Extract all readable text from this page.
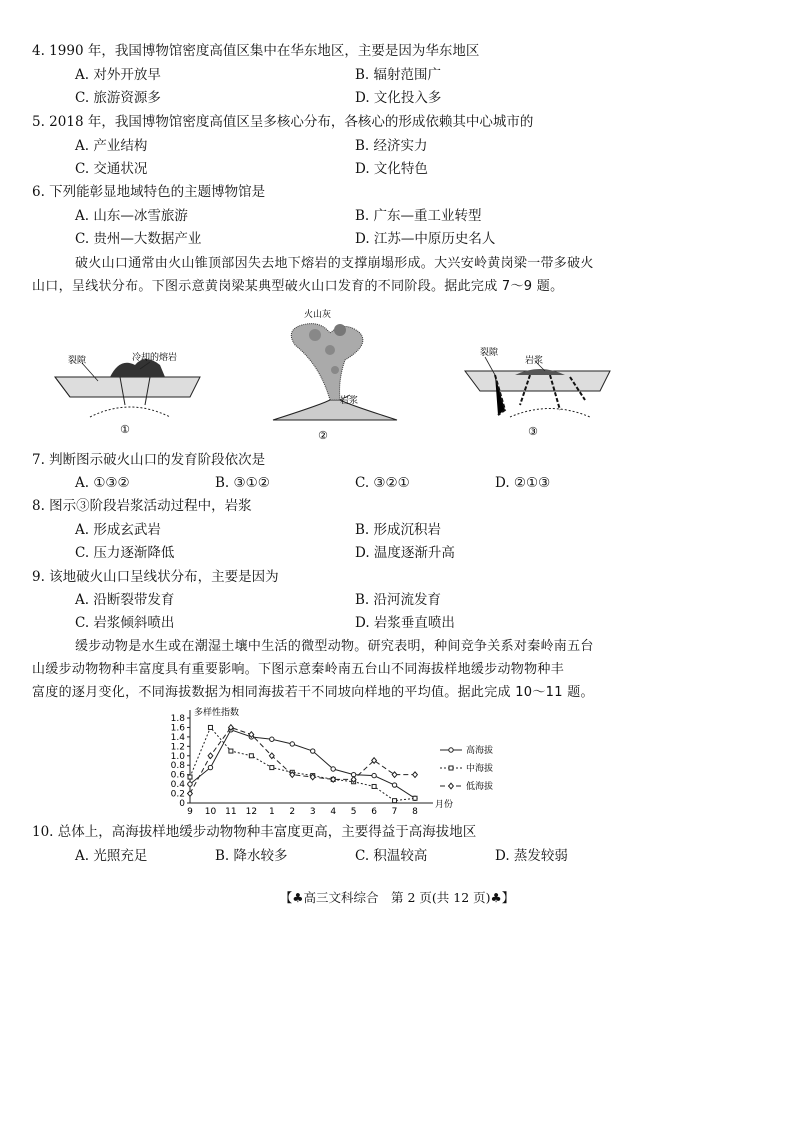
4. 1990 年，我国博物馆密度高值区集中在华东地区，主要是因为华东地区
A. 对外开放早	B. 辐射范围广
C. 旅游资源多	D. 文化投入多
5. 2018 年，我国博物馆密度高值区呈多核心分布，各核心的形成依赖其中心城市的
A. 产业结构	B. 经济实力
C. 交通状况	D. 文化特色
6. 下列能彰显地域特色的主题博物馆是
A. 山东—冰雪旅游	B. 广东—重工业转型
C. 贵州—大数据产业	D. 江苏—中原历史名人
破火山口通常由火山锥顶部因失去地下熔岩的支撑崩塌形成。大兴安岭黄岗梁一带多破火
山口，呈线状分布。下图示意黄岗梁某典型破火山口发育的不同阶段。据此完成 7～9 题。
裂隙	冷却的熔岩
①
火山灰
岩浆
②
裂隙
岩浆
③
7. 判断图示破火山口的发育阶段依次是
A. ①③②	B. ③①②	C. ③②①	D. ②①③
8. 图示③阶段岩浆活动过程中，岩浆
A. 形成玄武岩	B. 形成沉积岩
C. 压力逐渐降低	D. 温度逐渐升高
9. 该地破火山口呈线状分布，主要是因为
A. 沿断裂带发育	B. 沿河流发育
C. 岩浆倾斜喷出	D. 岩浆垂直喷出
缓步动物是水生或在潮湿土壤中生活的微型动物。研究表明，种间竞争关系对秦岭南五台
山缓步动物物种丰富度具有重要影响。下图示意秦岭南五台山不同海拔样地缓步动物物种丰
富度的逐月变化，不同海拔数据为相同海拔若干不同坡向样地的平均值。据此完成 10～11 题。
0
0.2
0.4
0.6
0.8
1.0
1.2
1.4
1.6
1.8
9 10 11 12 1 2 3 4 5 6 7 8
多样性指数
月份
高海拔
中海拔
低海拔
10. 总体上，高海拔样地缓步动物物种丰富度更高，主要得益于高海拔地区
A. 光照充足	B. 降水较多	C. 积温较高	D. 蒸发较弱
【♣高三文科综合　第 2 页(共 12 页)♣】
